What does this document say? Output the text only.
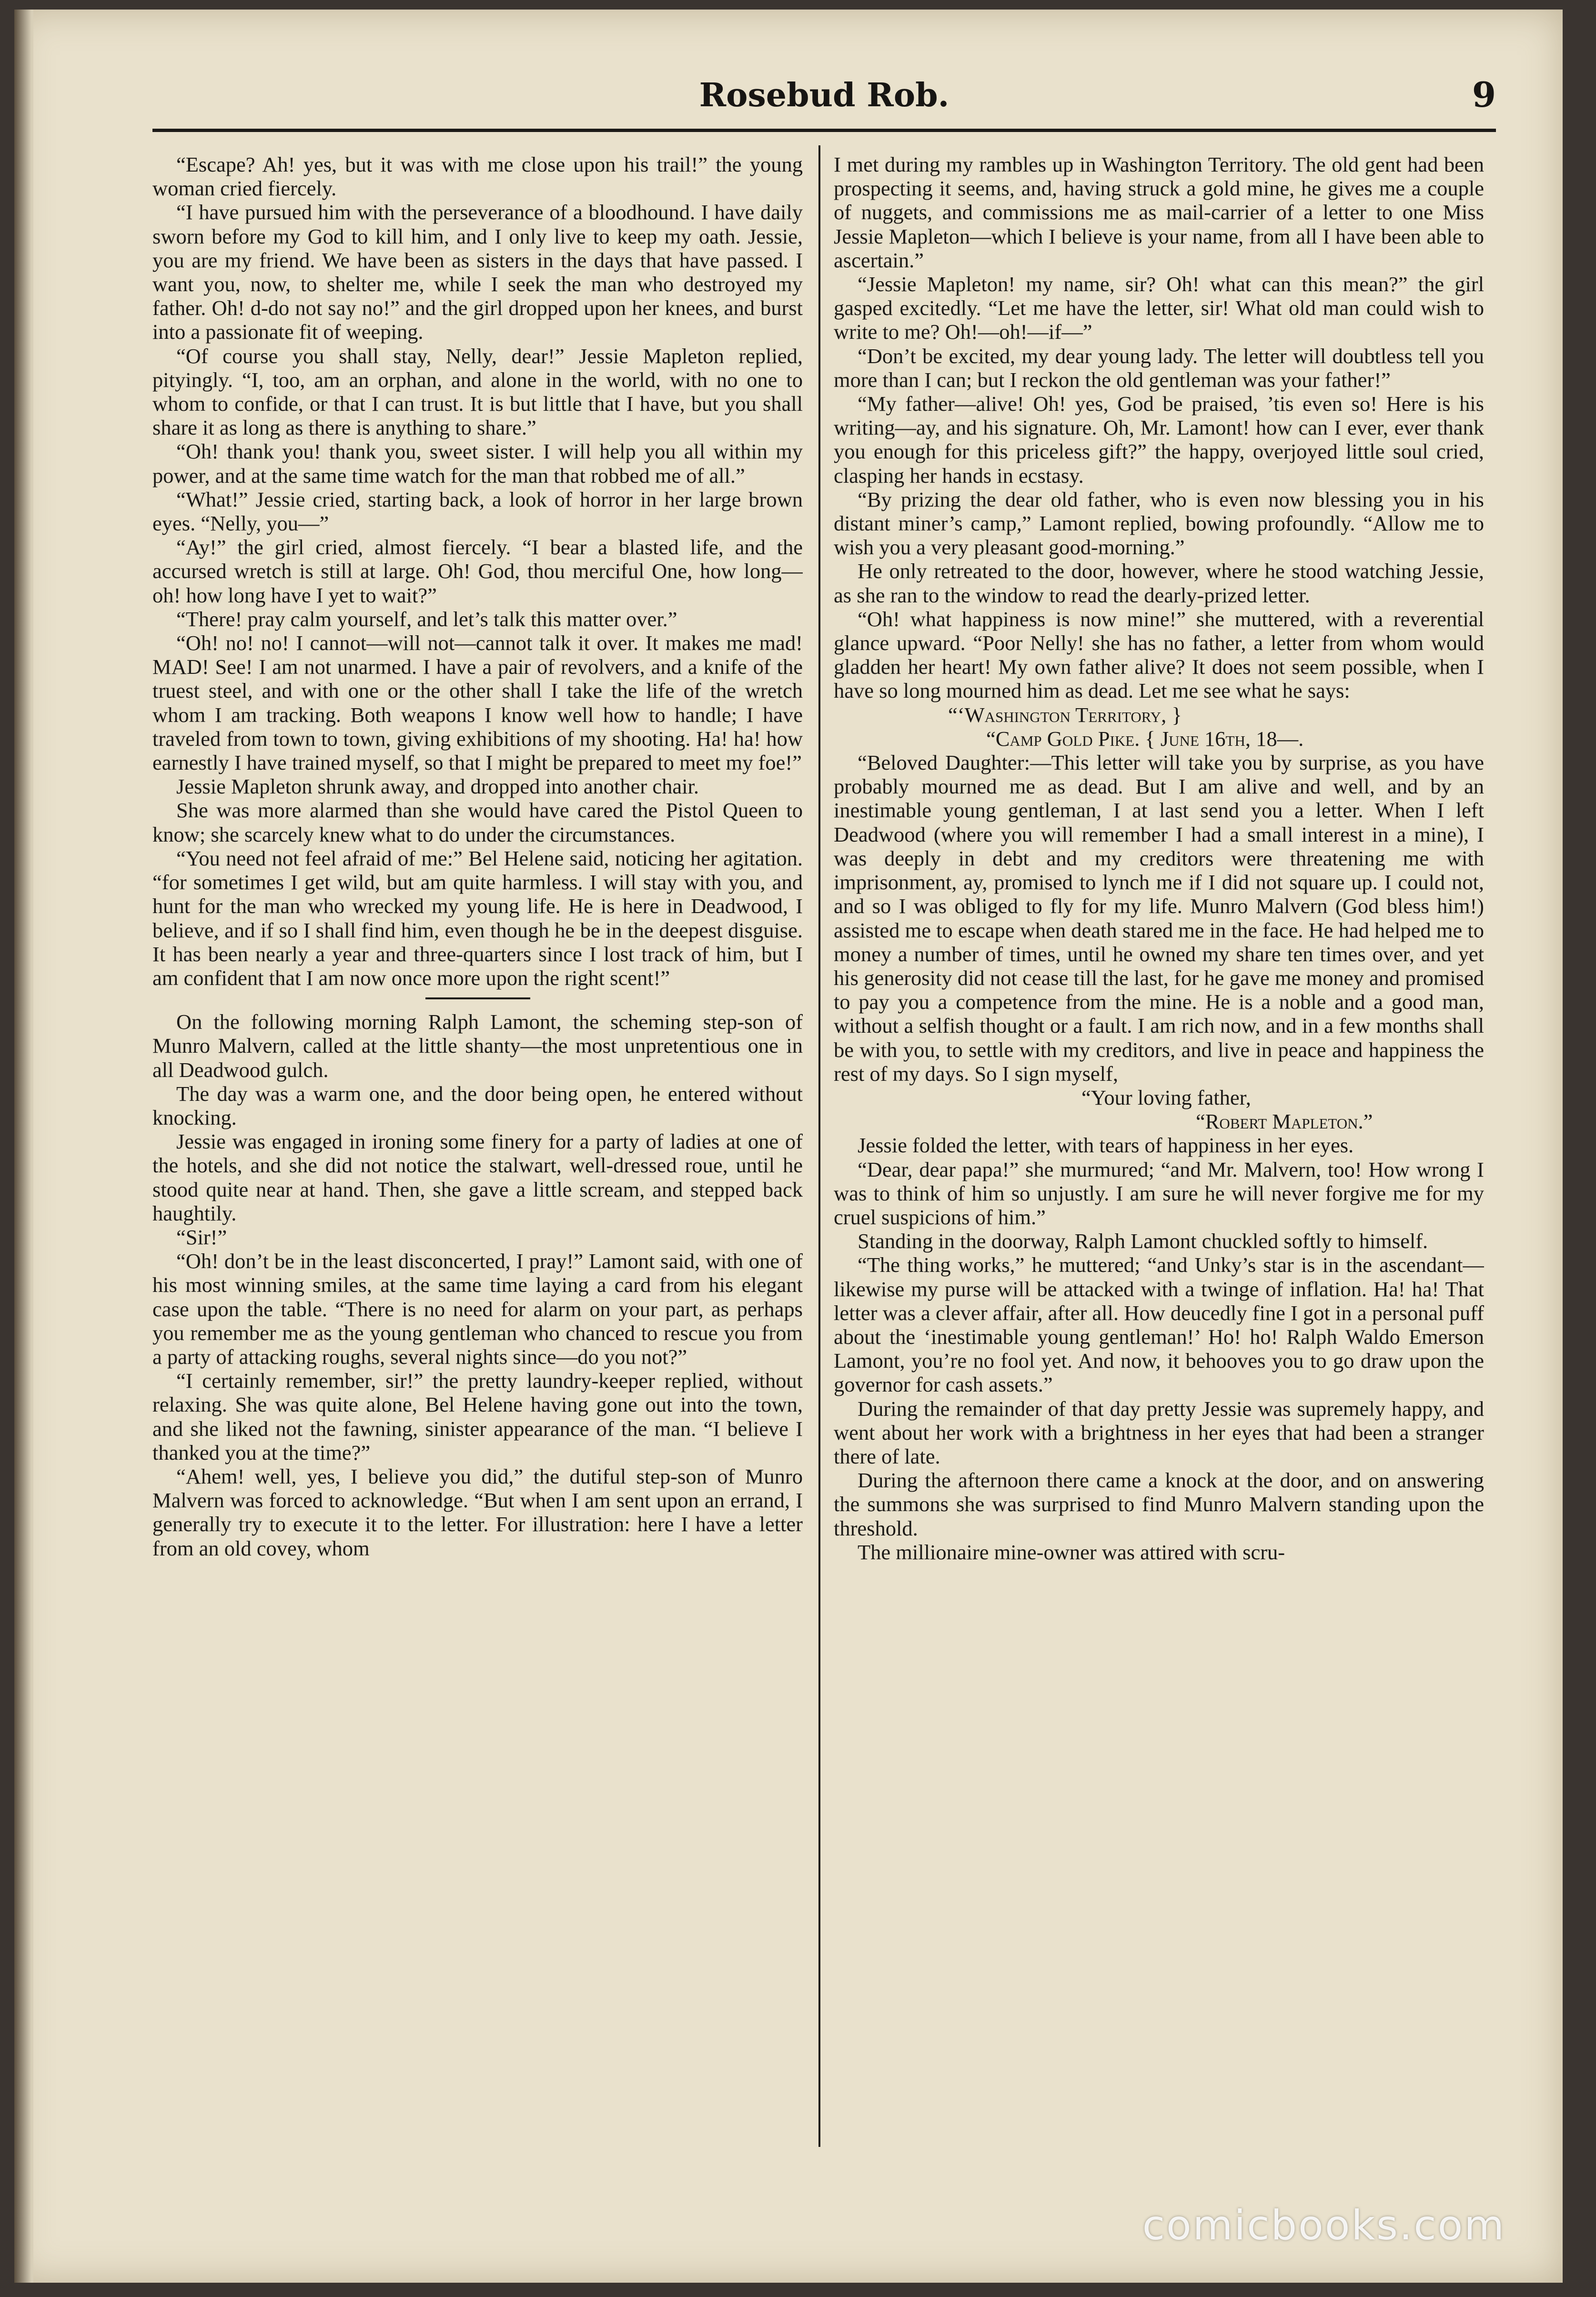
Rosebud Rob.	9

“Escape? Ah! yes, but it was with me close upon his trail!” the young woman cried fiercely.

“I have pursued him with the perseverance of a bloodhound. I have daily sworn before my God to kill him, and I only live to keep my oath. Jessie, you are my friend. We have been as sisters in the days that have passed. I want you, now, to shelter me, while I seek the man who destroyed my father. Oh! d-do not say no!” and the girl dropped upon her knees, and burst into a passionate fit of weeping.

“Of course you shall stay, Nelly, dear!” Jessie Mapleton replied, pityingly. “I, too, am an orphan, and alone in the world, with no one to whom to confide, or that I can trust. It is but little that I have, but you shall share it as long as there is anything to share.”

“Oh! thank you! thank you, sweet sister. I will help you all within my power, and at the same time watch for the man that robbed me of all.”

“What!” Jessie cried, starting back, a look of horror in her large brown eyes. “Nelly, you—”

“Ay!” the girl cried, almost fiercely. “I bear a blasted life, and the accursed wretch is still at large. Oh! God, thou merciful One, how long—oh! how long have I yet to wait?”

“There! pray calm yourself, and let’s talk this matter over.”

“Oh! no! no! I cannot—will not—cannot talk it over. It makes me mad! MAD! See! I am not unarmed. I have a pair of revolvers, and a knife of the truest steel, and with one or the other shall I take the life of the wretch whom I am tracking. Both weapons I know well how to handle; I have traveled from town to town, giving exhibitions of my shooting. Ha! ha! how earnestly I have trained myself, so that I might be prepared to meet my foe!”

Jessie Mapleton shrunk away, and dropped into another chair.

She was more alarmed than she would have cared the Pistol Queen to know; she scarcely knew what to do under the circumstances.

“You need not feel afraid of me:” Bel Helene said, noticing her agitation. “for sometimes I get wild, but am quite harmless. I will stay with you, and hunt for the man who wrecked my young life. He is here in Deadwood, I believe, and if so I shall find him, even though he be in the deepest disguise. It has been nearly a year and three-quarters since I lost track of him, but I am confident that I am now once more upon the right scent!”

On the following morning Ralph Lamont, the scheming step-son of Munro Malvern, called at the little shanty—the most unpretentious one in all Deadwood gulch.

The day was a warm one, and the door being open, he entered without knocking.

Jessie was engaged in ironing some finery for a party of ladies at one of the hotels, and she did not notice the stalwart, well-dressed roue, until he stood quite near at hand. Then, she gave a little scream, and stepped back haughtily.

“Sir!”

“Oh! don’t be in the least disconcerted, I pray!” Lamont said, with one of his most winning smiles, at the same time laying a card from his elegant case upon the table. “There is no need for alarm on your part, as perhaps you remember me as the young gentleman who chanced to rescue you from a party of attacking roughs, several nights since—do you not?”

“I certainly remember, sir!” the pretty laundry-keeper replied, without relaxing. She was quite alone, Bel Helene having gone out into the town, and she liked not the fawning, sinister appearance of the man. “I believe I thanked you at the time?”

“Ahem! well, yes, I believe you did,” the dutiful step-son of Munro Malvern was forced to acknowledge. “But when I am sent upon an errand, I generally try to execute it to the letter. For illustration: here I have a letter from an old covey, whom

I met during my rambles up in Washington Territory. The old gent had been prospecting it seems, and, having struck a gold mine, he gives me a couple of nuggets, and commissions me as mail-carrier of a letter to one Miss Jessie Mapleton—which I believe is your name, from all I have been able to ascertain.”

“Jessie Mapleton! my name, sir? Oh! what can this mean?” the girl gasped excitedly. “Let me have the letter, sir! What old man could wish to write to me? Oh!—oh!—if—”

“Don’t be excited, my dear young lady. The letter will doubtless tell you more than I can; but I reckon the old gentleman was your father!”

“My father—alive! Oh! yes, God be praised, ’tis even so! Here is his writing—ay, and his signature. Oh, Mr. Lamont! how can I ever, ever thank you enough for this priceless gift?” the happy, overjoyed little soul cried, clasping her hands in ecstasy.

“By prizing the dear old father, who is even now blessing you in his distant miner’s camp,” Lamont replied, bowing profoundly. “Allow me to wish you a very pleasant good-morning.”

He only retreated to the door, however, where he stood watching Jessie, as she ran to the window to read the dearly-prized letter.

“Oh! what happiness is now mine!” she muttered, with a reverential glance upward. “Poor Nelly! she has no father, a letter from whom would gladden her heart! My own father alive? It does not seem possible, when I have so long mourned him as dead. Let me see what he says:

“‘Washington Territory, }

“Camp Gold Pike. { June 16th, 18—.

“Beloved Daughter:—This letter will take you by surprise, as you have probably mourned me as dead. But I am alive and well, and by an inestimable young gentleman, I at last send you a letter. When I left Deadwood (where you will remember I had a small interest in a mine), I was deeply in debt and my creditors were threatening me with imprisonment, ay, promised to lynch me if I did not square up. I could not, and so I was obliged to fly for my life. Munro Malvern (God bless him!) assisted me to escape when death stared me in the face. He had helped me to money a number of times, until he owned my share ten times over, and yet his generosity did not cease till the last, for he gave me money and promised to pay you a competence from the mine. He is a noble and a good man, without a selfish thought or a fault. I am rich now, and in a few months shall be with you, to settle with my creditors, and live in peace and happiness the rest of my days. So I sign myself,

“Your loving father,

“Robert Mapleton.”

Jessie folded the letter, with tears of happiness in her eyes.

“Dear, dear papa!” she murmured; “and Mr. Malvern, too! How wrong I was to think of him so unjustly. I am sure he will never forgive me for my cruel suspicions of him.”

Standing in the doorway, Ralph Lamont chuckled softly to himself.

“The thing works,” he muttered; “and Unky’s star is in the ascendant—likewise my purse will be attacked with a twinge of inflation. Ha! ha! That letter was a clever affair, after all. How deucedly fine I got in a personal puff about the ‘inestimable young gentleman!’ Ho! ho! Ralph Waldo Emerson Lamont, you’re no fool yet. And now, it behooves you to go draw upon the governor for cash assets.”

During the remainder of that day pretty Jessie was supremely happy, and went about her work with a brightness in her eyes that had been a stranger there of late.

During the afternoon there came a knock at the door, and on answering the summons she was surprised to find Munro Malvern standing upon the threshold.

The millionaire mine-owner was attired with scru-

comicbooks.com
